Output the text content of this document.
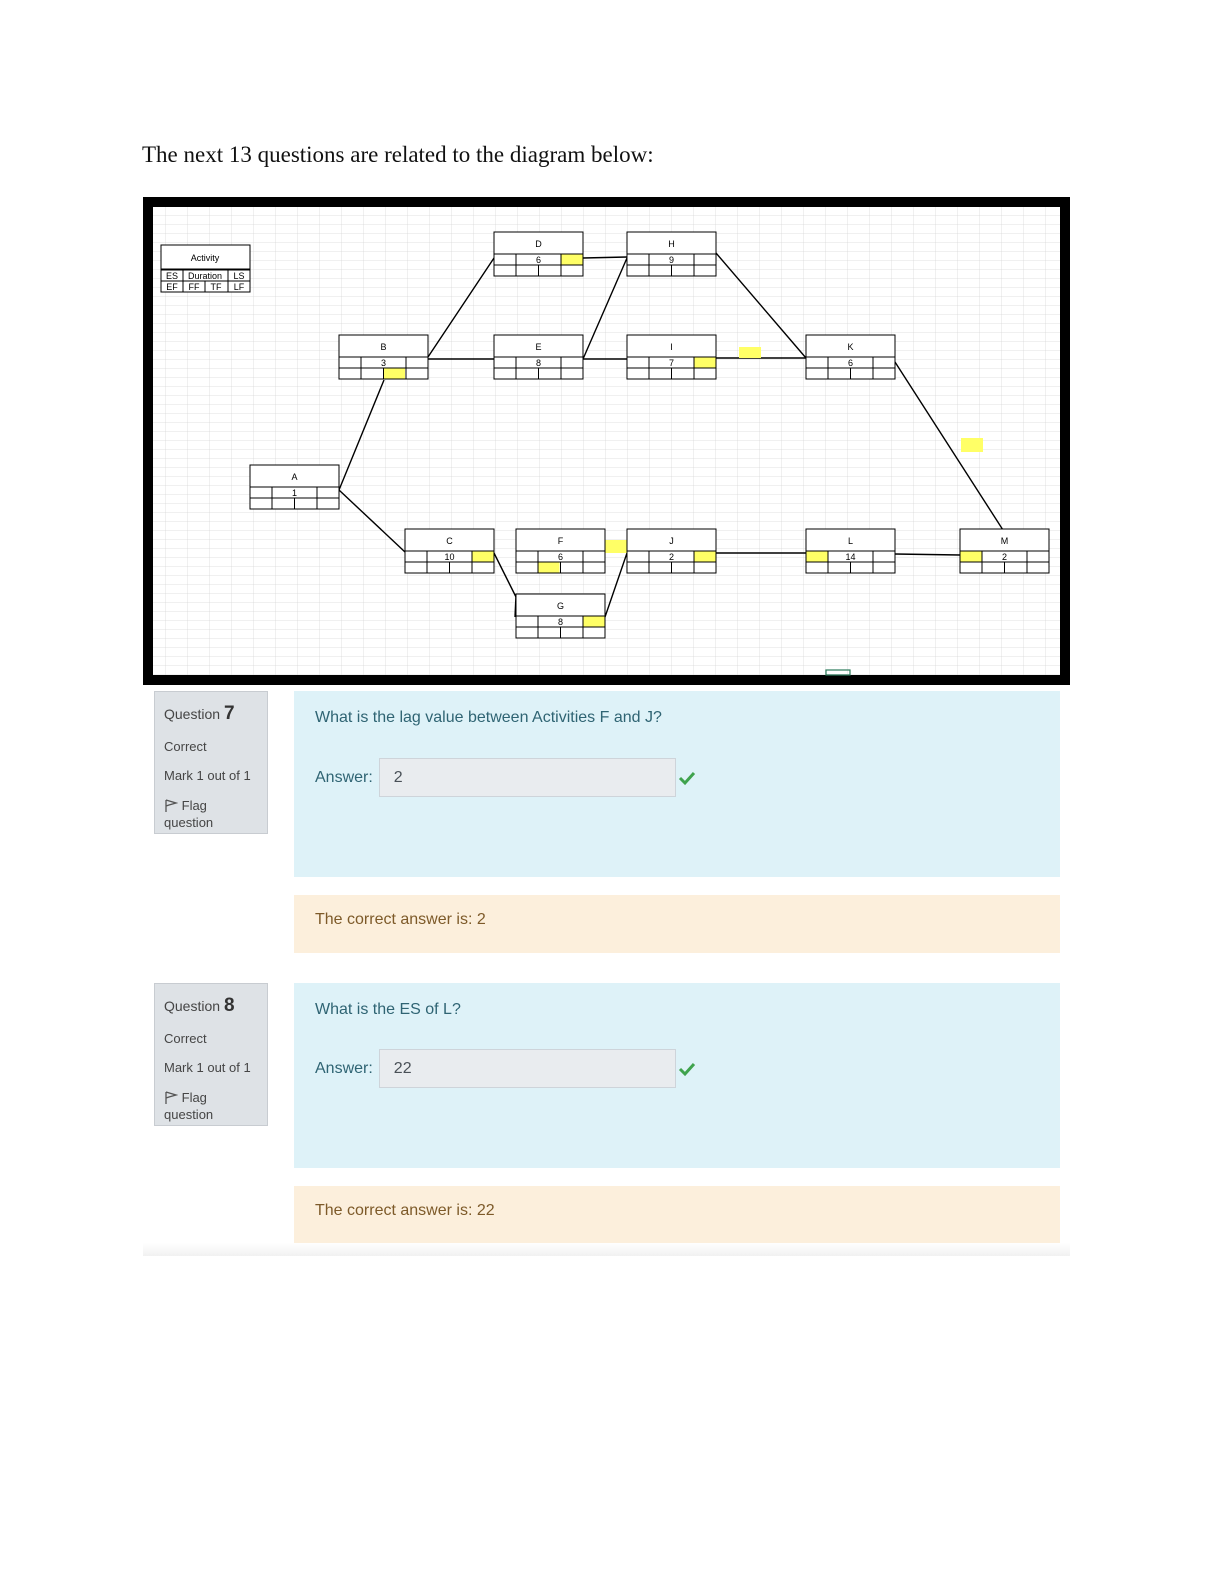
The next 13 questions are related to the diagram below:
Activity
ES Duration LS
EF FF TF LF
A
1
B
3
C
10
D
6
E
8
F
6
G
8
H
9
I
7
J
2
K
6
L
14
M
2
Question 7
Correct
Mark 1 out of 1
Flag question
What is the lag value between Activities F and J?
Answer:	2
The correct answer is: 2
Question 8
Correct
Mark 1 out of 1
Flag question
What is the ES of L?
Answer:	22
The correct answer is: 22
